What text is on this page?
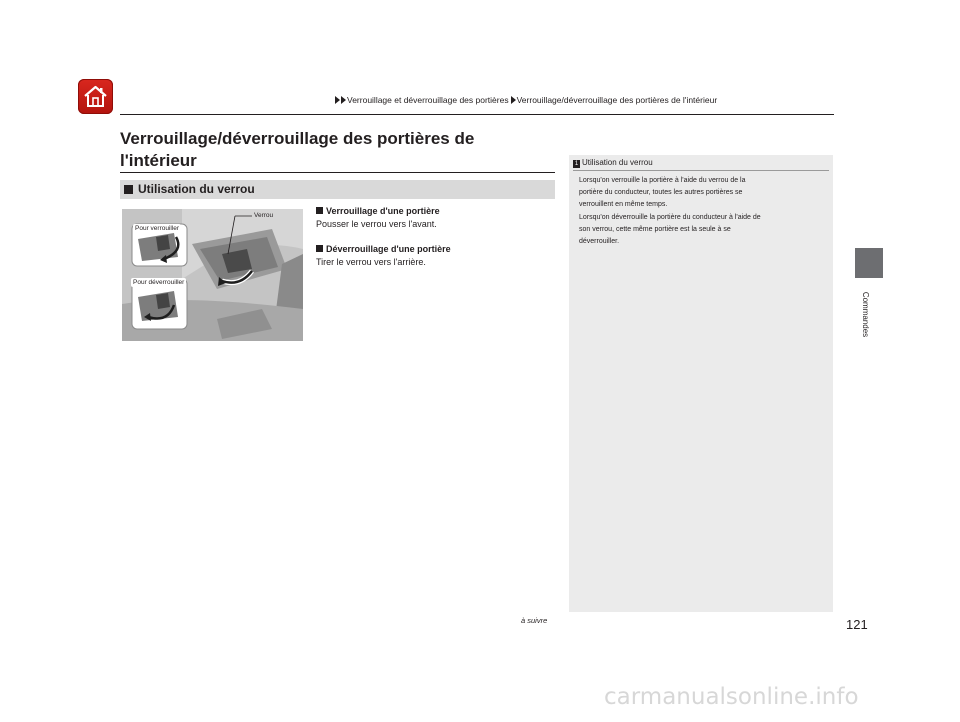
Verrouillage et déverrouillage des portières Verrouillage/déverrouillage des portières de l'intérieur
Verrouillage/déverrouillage des portières de l'intérieur
Utilisation du verrou
Pour verrouiller
Pour déverrouiller
Verrou	Verrouillage d'une portière
Pousser le verrou vers l'avant.
Déverrouillage d'une portière
Tirer le verrou vers l'arrière.
1 Utilisation du verrou
Lorsqu'on verrouille la portière à l'aide du verrou de la
portière du conducteur, toutes les autres portières se
verrouillent en même temps.
Lorsqu'on déverrouille la portière du conducteur à l'aide de
son verrou, cette même portière est la seule à se
déverrouiller.
Commandes
à suivre	121
carmanualsonline.info
